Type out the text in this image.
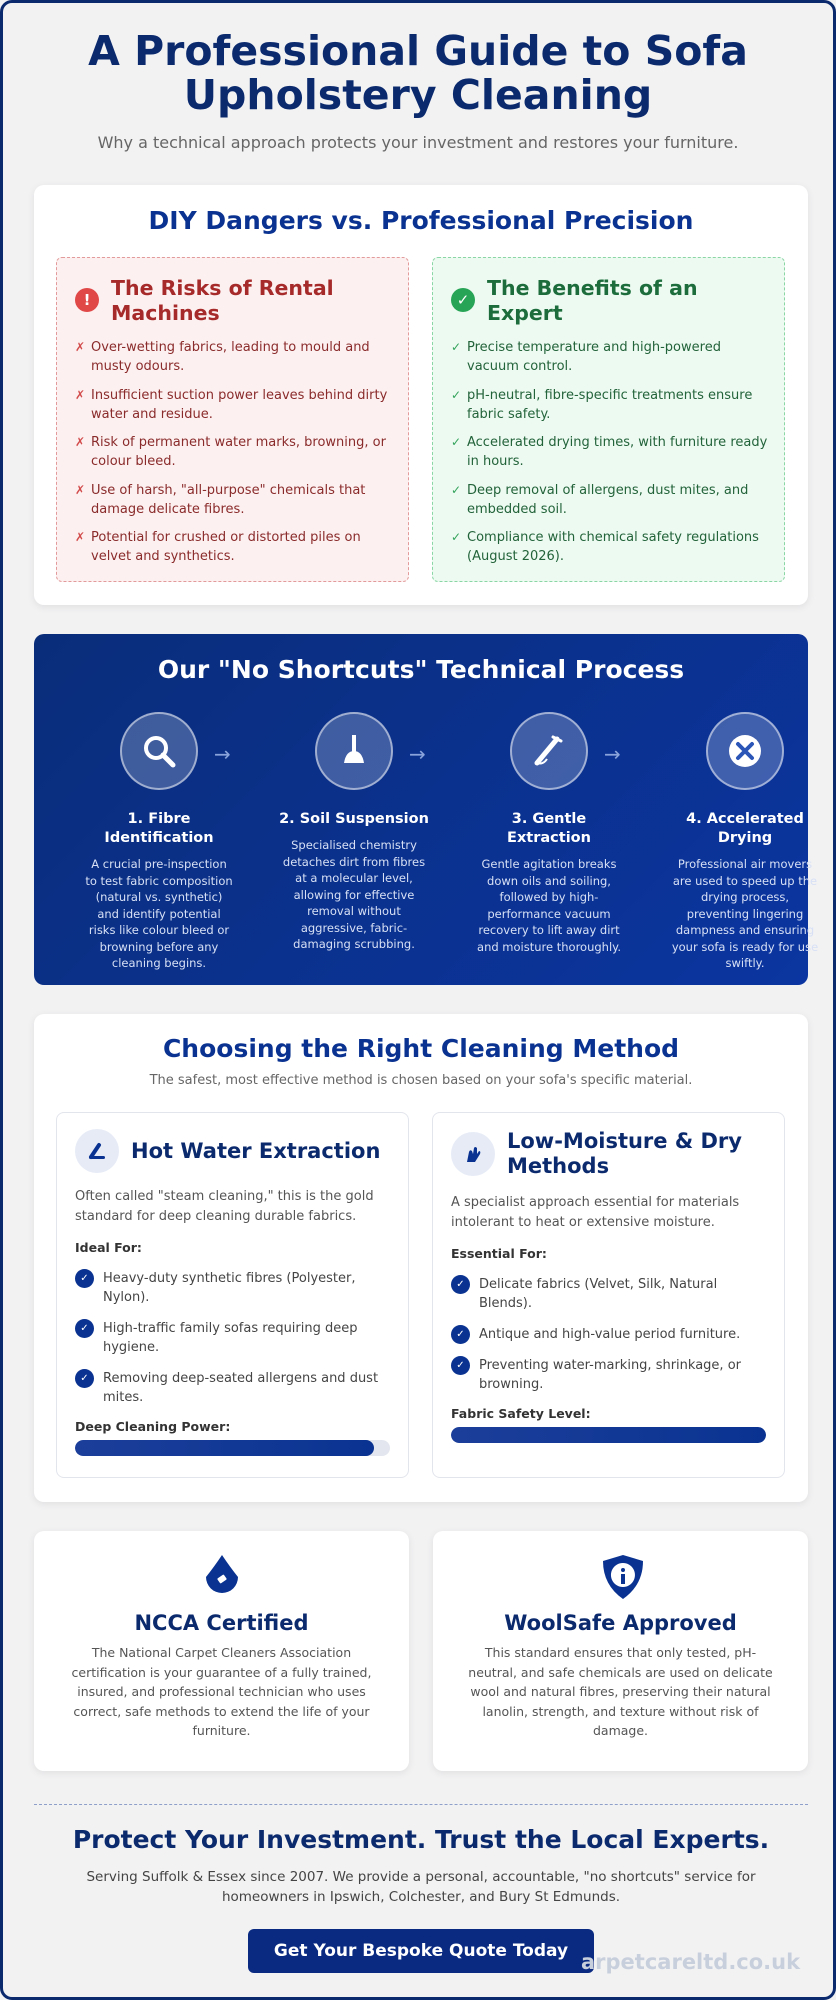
A Professional Guide to Sofa Upholstery Cleaning

Why a technical approach protects your investment and restores your furniture.

DIY Dangers vs. Professional Precision
!	The Risks of Rental Machines
✗ Over-wetting fabrics, leading to mould and musty odours.
✗ Insufficient suction power leaves behind dirty water and residue.
✗ Risk of permanent water marks, browning, or colour bleed.
✗ Use of harsh, "all-purpose" chemicals that damage delicate fibres.
✗ Potential for crushed or distorted piles on velvet and synthetics.
✓ The Benefits of an Expert
✓ Precise temperature and high-powered vacuum control.
✓ pH-neutral, fibre-specific treatments ensure fabric safety.
✓ Accelerated drying times, with furniture ready in hours.
✓ Deep removal of allergens, dust mites, and embedded soil.
✓ Compliance with chemical safety regulations (August 2026).
Our "No Shortcuts" Technical Process
1. Fibre Identification

A crucial pre-inspection to test fabric composition (natural vs. synthetic) and identify potential risks like colour bleed or browning before any cleaning begins.

→
2. Soil Suspension

Specialised chemistry detaches dirt from fibres at a molecular level, allowing for effective removal without aggressive, fabric-damaging scrubbing.

→
3. Gentle Extraction

Gentle agitation breaks down oils and soiling, followed by high-performance vacuum recovery to lift away dirt and moisture thoroughly.

→
4. Accelerated Drying

Professional air movers are used to speed up the drying process, preventing lingering dampness and ensuring your sofa is ready for use swiftly.

Choosing the Right Cleaning Method

The safest, most effective method is chosen based on your sofa's specific material.

Hot Water Extraction

Often called "steam cleaning," this is the gold standard for deep cleaning durable fabrics.

Ideal For:

✓	Heavy-duty synthetic fibres (Polyester, Nylon).
✓	High-traffic family sofas requiring deep hygiene.
✓	Removing deep-seated allergens and dust mites.

Deep Cleaning Power:

Low-Moisture & Dry Methods

A specialist approach essential for materials intolerant to heat or extensive moisture.

Essential For:

✓	Delicate fabrics (Velvet, Silk, Natural Blends).
✓	Antique and high-value period furniture.
✓	Preventing water-marking, shrinkage, or browning.

Fabric Safety Level:

NCCA Certified

The National Carpet Cleaners Association certification is your guarantee of a fully trained, insured, and professional technician who uses correct, safe methods to extend the life of your furniture.

WoolSafe Approved

This standard ensures that only tested, pH-neutral, and safe chemicals are used on delicate wool and natural fibres, preserving their natural lanolin, strength, and texture without risk of damage.

Protect Your Investment. Trust the Local Experts.

Serving Suffolk & Essex since 2007. We provide a personal, accountable, "no shortcuts" service for homeowners in Ipswich, Colchester, and Bury St Edmunds.

Get Your Bespoke Quote Today arpetcareltd.co.uk
